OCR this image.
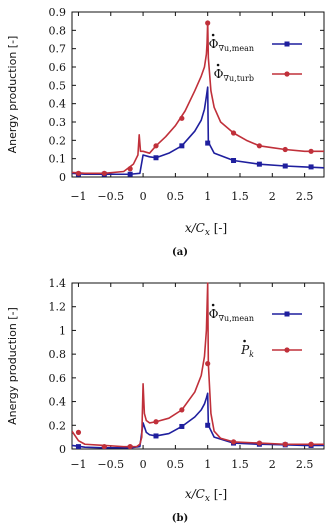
−1 −0.5 0 0.5 1 1.5 2 2.5
0
0.1
0.2
0.3
0.4
0.5
0.6
0.7
0.8
0.9
Anergy production [-]
$x/C_x$ [-]
(a)
$\Phi_{\nabla u,mean}$
$\Phi_{\nabla u,turb}$
−1 −0.5 0 0.5 1 1.5 2 2.5
0
0.2
0.4
0.6
0.8
1
1.2
1.4
Anergy production [-]
$x/C_x$ [-]
(b)
$\Phi_{\nabla u,mean}$
$P_k$
